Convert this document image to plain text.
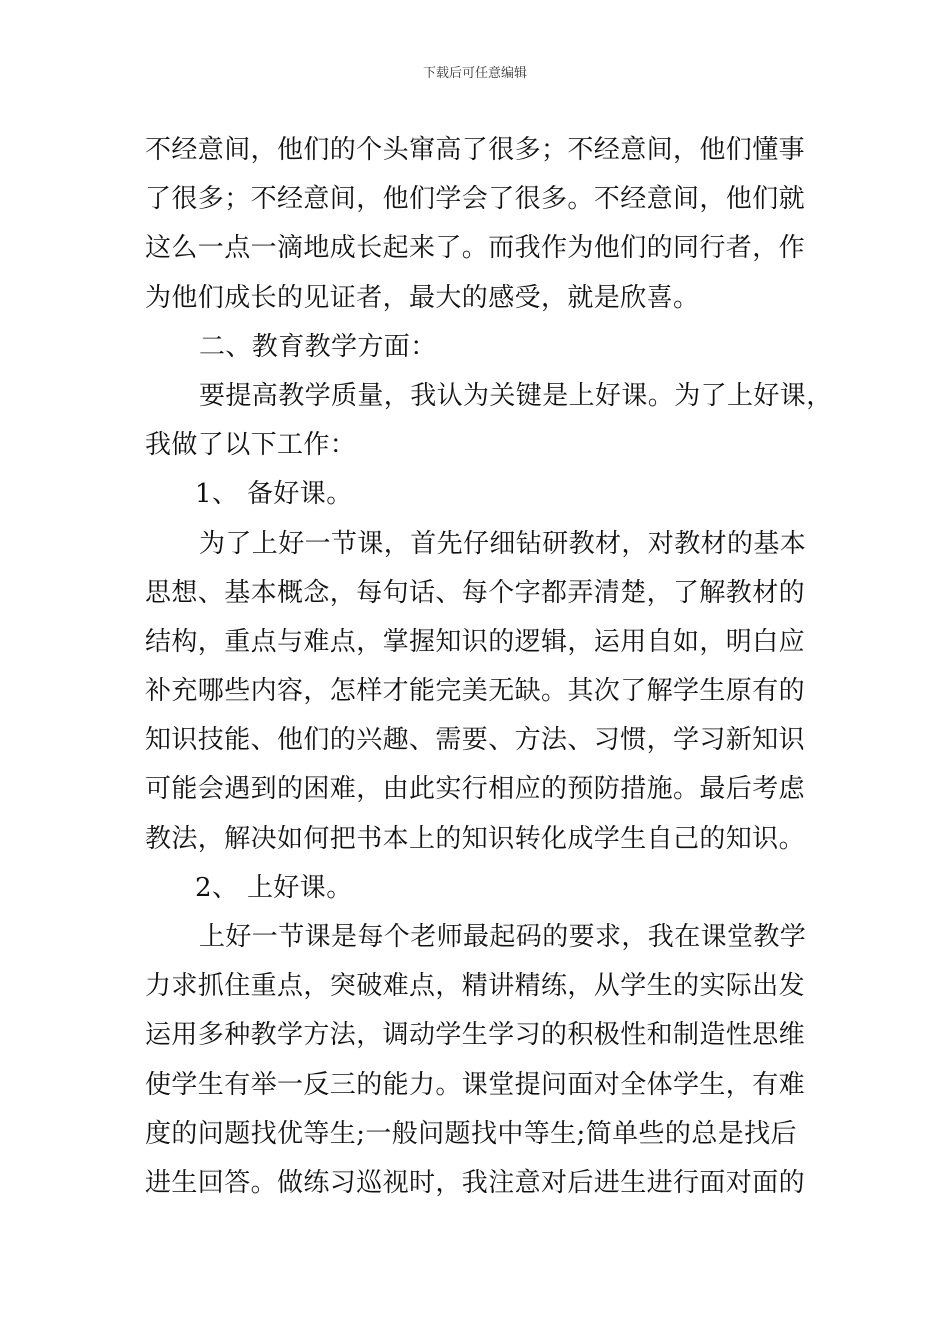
下载后可任意编辑
不经意间，他们的个头窜高了很多；不经意间，他们懂事
了很多；不经意间，他们学会了很多。不经意间，他们就
这么一点一滴地成长起来了。而我作为他们的同行者，作
为他们成长的见证者，最大的感受，就是欣喜。
二、教育教学方面：
要提高教学质量，我认为关键是上好课。为了上好课，
我做了以下工作：
1、 备好课。
为了上好一节课，首先仔细钻研教材，对教材的基本
思想、基本概念，每句话、每个字都弄清楚，了解教材的
结构，重点与难点，掌握知识的逻辑，运用自如，明白应
补充哪些内容，怎样才能完美无缺。其次了解学生原有的
知识技能、他们的兴趣、需要、方法、习惯，学习新知识
可能会遇到的困难，由此实行相应的预防措施。最后考虑
教法，解决如何把书本上的知识转化成学生自己的知识。
2、 上好课。
上好一节课是每个老师最起码的要求，我在课堂教学
力求抓住重点，突破难点，精讲精练，从学生的实际出发
运用多种教学方法，调动学生学习的积极性和制造性思维
使学生有举一反三的能力。课堂提问面对全体学生，有难
度的问题找优等生;一般问题找中等生;简单些的总是找后
进生回答。做练习巡视时，我注意对后进生进行面对面的
